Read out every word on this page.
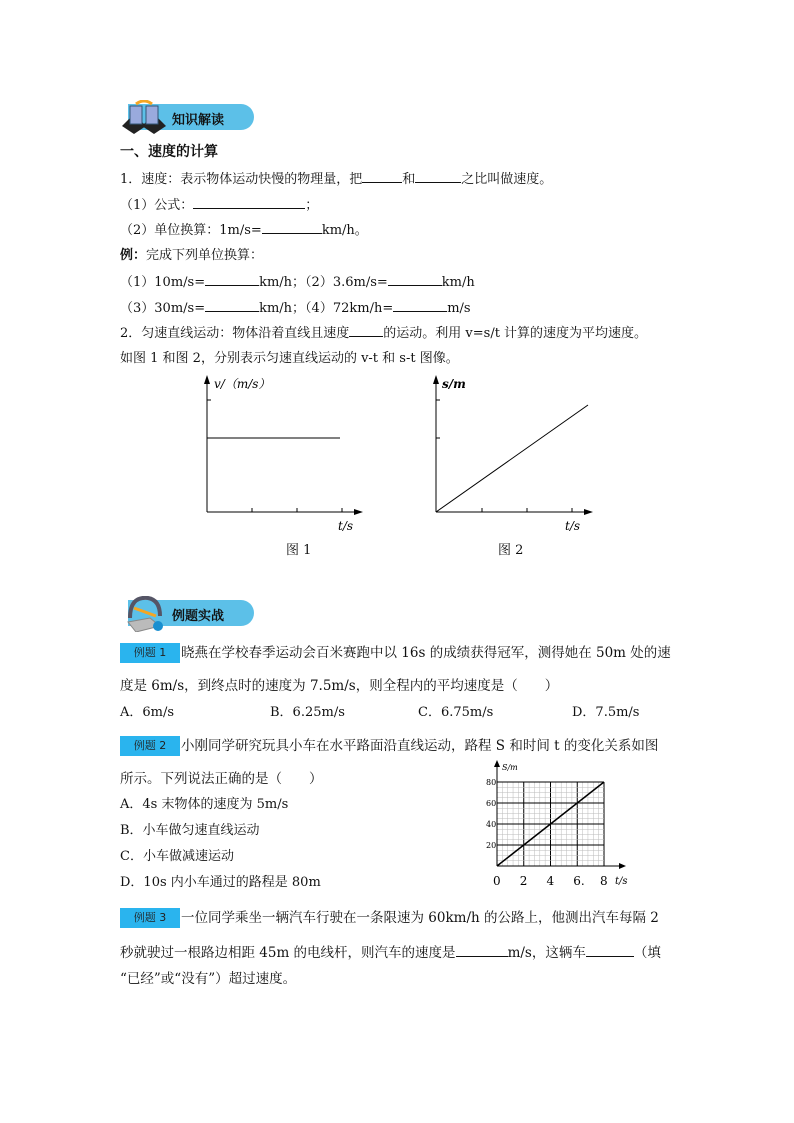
知识解读
一、速度的计算
1．速度：表示物体运动快慢的物理量，把	和	之比叫做速度。
（1）公式：	；
（2）单位换算：1m/s=	km/h。
例：完成下列单位换算：
（1）10m/s=	km/h；（2）3.6m/s=	km/h
（3）30m/s=	km/h；（4）72km/h=	m/s
2．匀速直线运动：物体沿着直线且速度	的运动。利用 v=s/t 计算的速度为平均速度。
如图 1 和图 2，分别表示匀速直线运动的 v-t 和 s-t 图像。
v/（m/s）
t/s
图 1
s/m
t/s
图 2
例题实战
例题 1	晓燕在学校春季运动会百米赛跑中以 16s 的成绩获得冠军，测得她在 50m 处的速
度是 6m/s，到终点时的速度为 7.5m/s，则全程内的平均速度是（　　）
A．6m/s	B．6.25m/s	C．6.75m/s	D．7.5m/s
例题 2	小刚同学研究玩具小车在水平路面沿直线运动，路程 S 和时间 t 的变化关系如图
所示。下列说法正确的是（　　）
A．4s 末物体的速度为 5m/s
B．小车做匀速直线运动
C．小车做减速运动
D．10s 内小车通过的路程是 80m
S/m
t/s
0 2 4 6. 8
20
40
60
80
例题 3	一位同学乘坐一辆汽车行驶在一条限速为 60km/h 的公路上，他测出汽车每隔 2
秒就驶过一根路边相距 45m 的电线杆，则汽车的速度是	m/s，这辆车	（填
“已经”或“没有”）超过速度。
